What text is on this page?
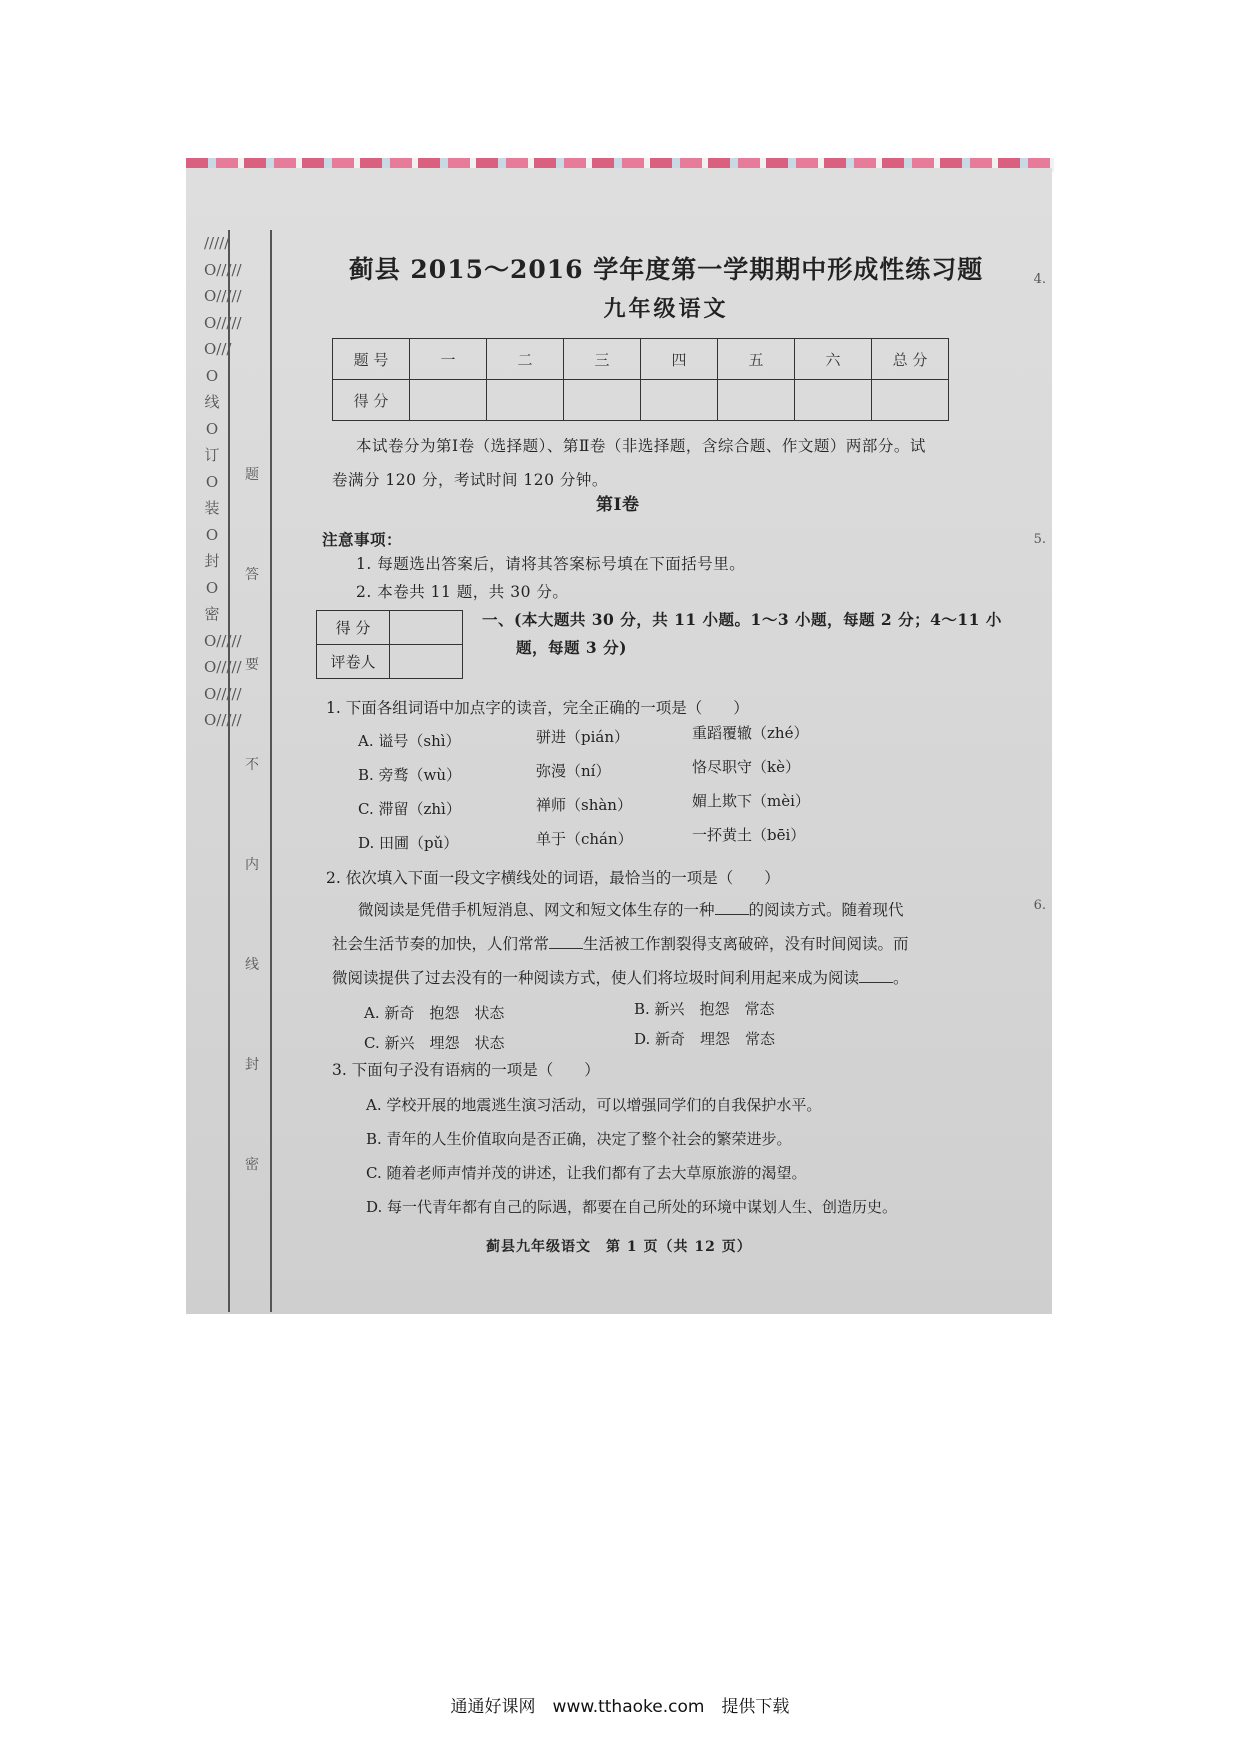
/////O/////O/////O/////O///O线O订O装O封O密O/////O/////O/////O/////
题
答
要
不
内
线
封
密
4.
5.
6.
蓟县 2015～2016 学年度第一学期期中形成性练习题
九年级语文
题 号	一	二	三	四	五	六	总 分
得 分							
本试卷分为第Ⅰ卷（选择题）、第Ⅱ卷（非选择题，含综合题、作文题）两部分。试
卷满分 120 分，考试时间 120 分钟。
第Ⅰ卷
注意事项：
1. 每题选出答案后，请将其答案标号填在下面括号里。
2. 本卷共 11 题，共 30 分。
得 分	
评卷人	
一、(本大题共 30 分，共 11 小题。1～3 小题，每题 2 分；4～11 小
题，每题 3 分)
1. 下面各组词语中加点字的读音，完全正确的一项是（　　）
A. 谥号（shì）	骈进（pián）	重蹈覆辙（zhé）
B. 旁骛（wù）	弥漫（ní）	恪尽职守（kè）
C. 滞留（zhì）	禅师（shàn）	媚上欺下（mèi）
D. 田圃（pǔ）	单于（chán）	一抔黄土（bēi）
2. 依次填入下面一段文字横线处的词语，最恰当的一项是（　　）
微阅读是凭借手机短消息、网文和短文体生存的一种 的阅读方式。随着现代
社会生活节奏的加快，人们常常 生活被工作割裂得支离破碎，没有时间阅读。而
微阅读提供了过去没有的一种阅读方式，使人们将垃圾时间利用起来成为阅读 。
A. 新奇　抱怨　状态	B. 新兴　抱怨　常态
C. 新兴　埋怨　状态	D. 新奇　埋怨　常态
3. 下面句子没有语病的一项是（　　）
A. 学校开展的地震逃生演习活动，可以增强同学们的自我保护水平。
B. 青年的人生价值取向是否正确，决定了整个社会的繁荣进步。
C. 随着老师声情并茂的讲述，让我们都有了去大草原旅游的渴望。
D. 每一代青年都有自己的际遇，都要在自己所处的环境中谋划人生、创造历史。
蓟县九年级语文　第 1 页（共 12 页）
通通好课网　www.tthaoke.com　提供下载
